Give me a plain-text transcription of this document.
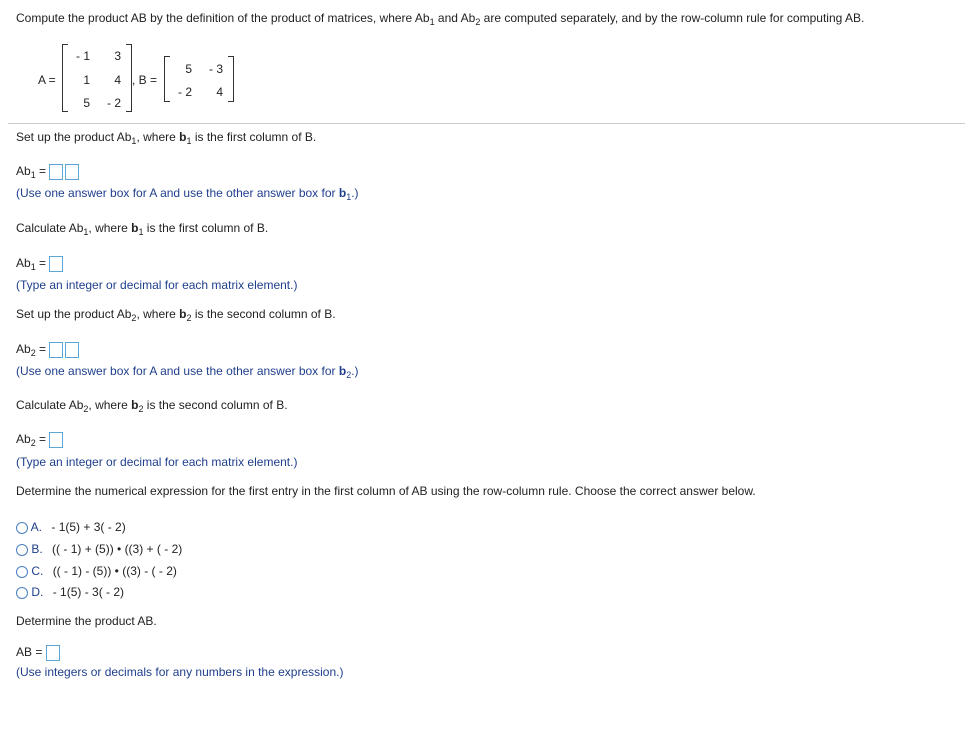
Compute the product AB by the definition of the product of matrices, where $Ab_1$ and $Ab_2$ are computed separately, and by the row-column rule for computing AB.
A =
- 1 3
1 4
5 - 2
, B =
5 - 3
- 2 4
Set up the product $Ab_1$, where $b_1$ is the first column of B.
$Ab_1$ =
(Use one answer box for A and use the other answer box for $b_1$.)
Calculate $Ab_1$, where $b_1$ is the first column of B.
$Ab_1$ =
(Type an integer or decimal for each matrix element.)
Set up the product $Ab_2$, where $b_2$ is the second column of B.
$Ab_2$ =
(Use one answer box for A and use the other answer box for $b_2$.)
Calculate $Ab_2$, where $b_2$ is the second column of B.
$Ab_2$ =
(Type an integer or decimal for each matrix element.)
Determine the numerical expression for the first entry in the first column of AB using the row-column rule. Choose the correct answer below.
A. - 1(5) + 3( - 2)
B. (( - 1) + (5)) • ((3) + ( - 2)
C. (( - 1) - (5)) • ((3) - ( - 2)
D. - 1(5) - 3( - 2)
Determine the product AB.
AB =
(Use integers or decimals for any numbers in the expression.)
